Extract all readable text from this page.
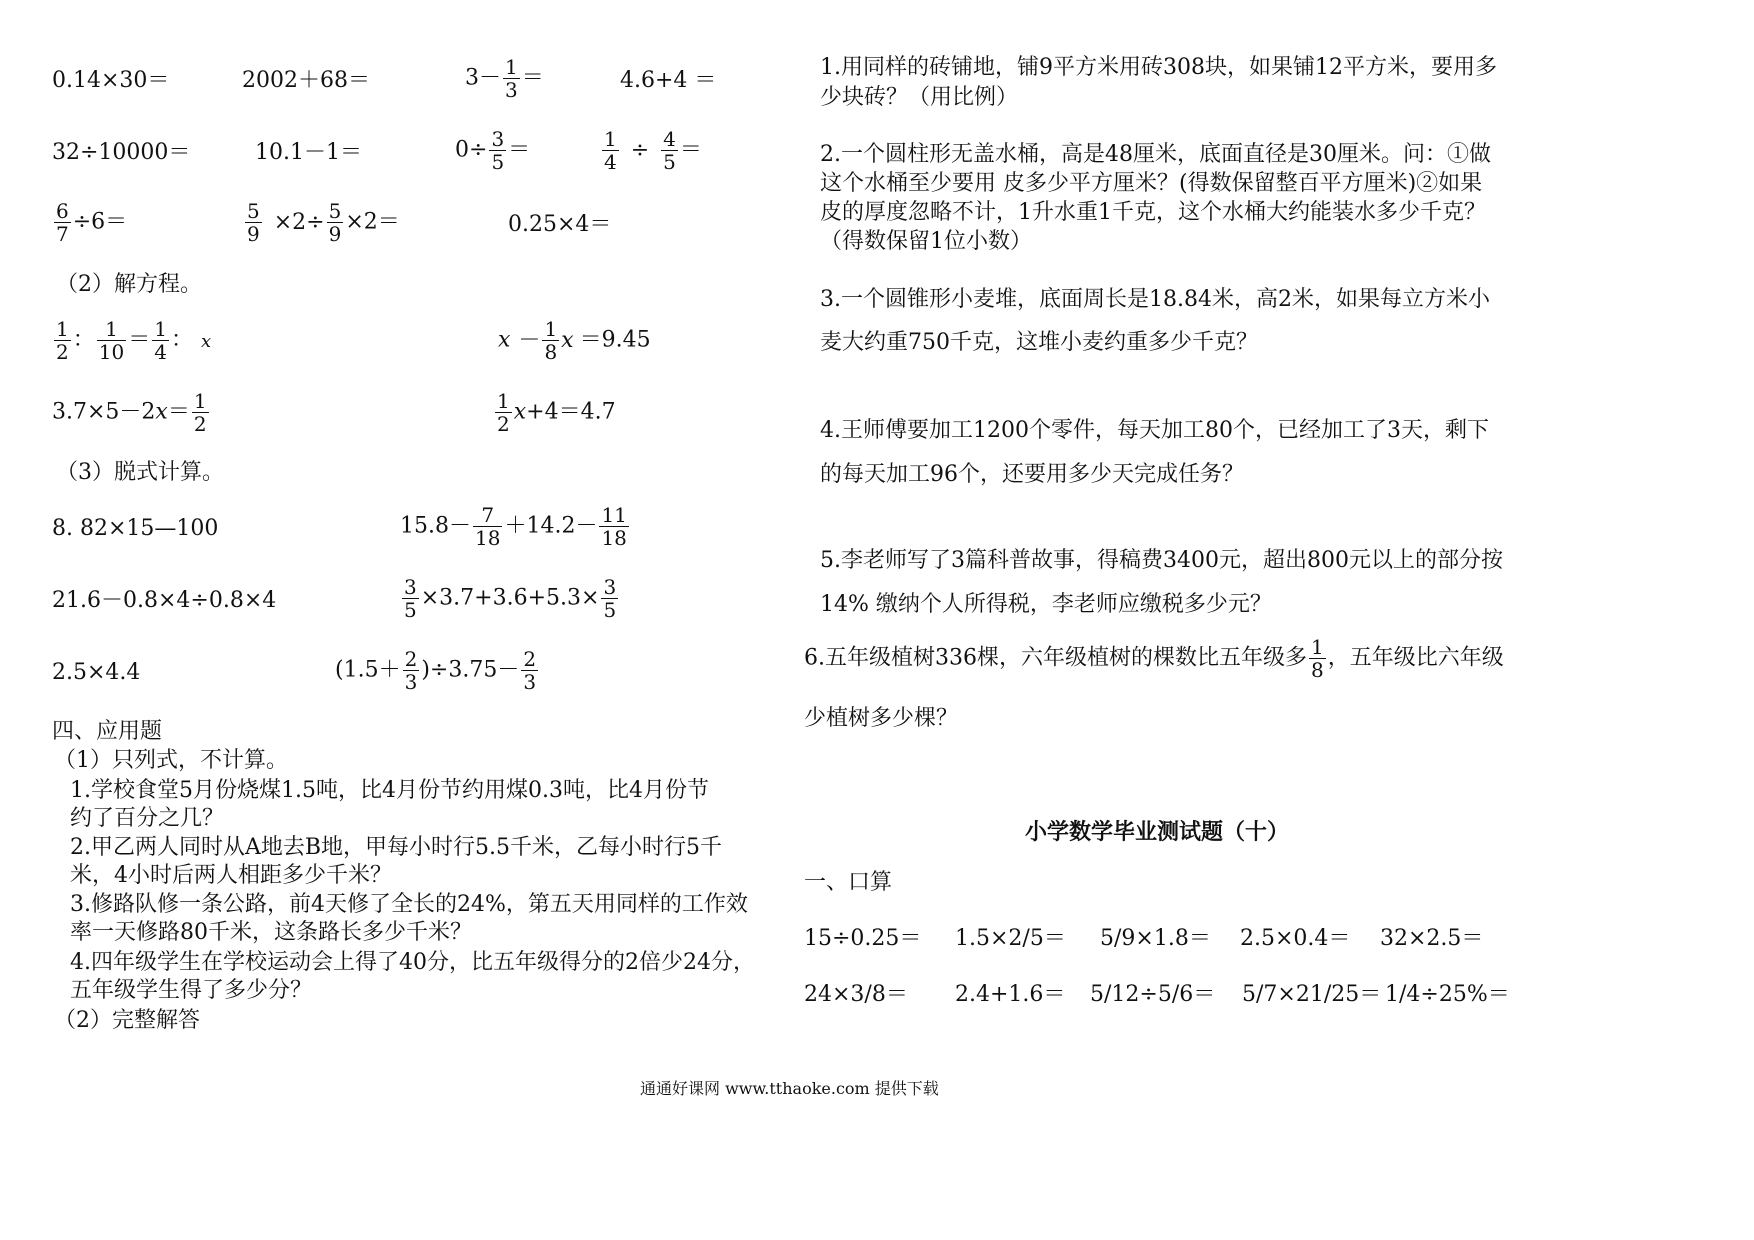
0.14×30＝	2002＋68＝	$3- \frac{1}{3}$ ＝	4.6+4 ＝
32÷10000＝	10.1－1＝	$0\div \frac{3}{5}$ ＝	$\frac{1}{4} \div \frac{4}{5}$ ＝
$\frac{6}{7} \div 6=$	$\frac{5}{9} \times 2\div \frac{5}{9} \times 2=$	0.25×4＝
（2）解方程。
$\frac{1}{2}$ ： $\frac{1}{10} = \frac{1}{4}$ ： x	$x - \frac{1}{8}$ x ＝9.45
$3.7\times 5-2x= \frac{1}{2}$	$\frac{1}{2} x+4=4.7$
（3）脱式计算。
8. 82×15—100	$15.8- \frac{7}{18} +14.2- \frac{11}{18}$
21.6－0.8×4÷0.8×4	$\frac{3}{5} \times 3.7+3.6+5.3\times \frac{3}{5}$
2.5×4.4	$(1.5+ \frac{2}{3} )\div 3.75- \frac{2}{3}$
四、应用题
（1）只列式，不计算。
1.学校食堂5月份烧煤1.5吨，比4月份节约用煤0.3吨，比4月份节
约了百分之几？
2.甲乙两人同时从A地去B地，甲每小时行5.5千米，乙每小时行5千
米，4小时后两人相距多少千米？
3.修路队修一条公路，前4天修了全长的24%，第五天用同样的工作效
率一天修路80千米，这条路长多少千米？
4.四年级学生在学校运动会上得了40分，比五年级得分的2倍少24分，
五年级学生得了多少分？
（2）完整解答
1.用同样的砖铺地，铺9平方米用砖308块，如果铺12平方米，要用多
少块砖？（用比例）
2.一个圆柱形无盖水桶，高是48厘米，底面直径是30厘米。问：①做
这个水桶至少要用 皮多少平方厘米？(得数保留整百平方厘米)②如果
皮的厚度忽略不计，1升水重1千克，这个水桶大约能装水多少千克？
（得数保留1位小数）
3.一个圆锥形小麦堆，底面周长是18.84米，高2米，如果每立方米小
麦大约重750千克，这堆小麦约重多少千克？
4.王师傅要加工1200个零件，每天加工80个，已经加工了3天，剩下
的每天加工96个，还要用多少天完成任务？
5.李老师写了3篇科普故事，得稿费3400元，超出800元以上的部分按
14% 缴纳个人所得税，李老师应缴税多少元？
6.五年级植树336棵，六年级植树的棵数比五年级多 $\frac{1}{8}$ ，五年级比六年级
少植树多少棵？
小学数学毕业测试题（十）
一、口算
15÷0.25＝ 1.5×2/5＝ 5/9×1.8＝ 2.5×0.4＝ 32×2.5＝
24×3/8＝ 2.4+1.6＝ 5/12÷5/6＝ 5/7×21/25＝ 1/4÷25%＝
通通好课网 www.tthaoke.com 提供下载
